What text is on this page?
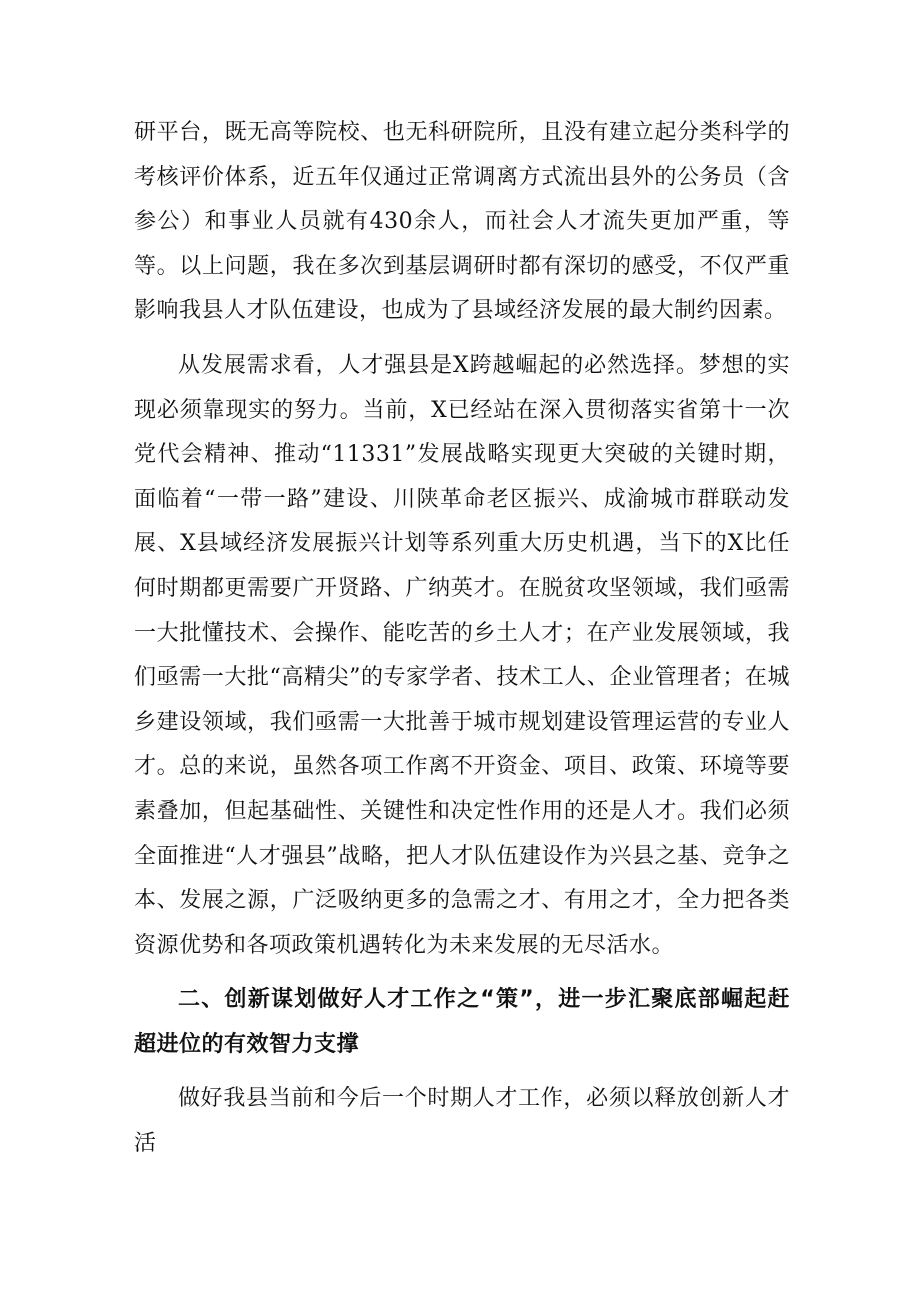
研平台，既无高等院校、也无科研院所，且没有建立起分类科学的考核评价体系，近五年仅通过正常调离方式流出县外的公务员（含参公）和事业人员就有430余人，而社会人才流失更加严重，等等。以上问题，我在多次到基层调研时都有深切的感受，不仅严重影响我县人才队伍建设，也成为了县域经济发展的最大制约因素。

从发展需求看，人才强县是X跨越崛起的必然选择。梦想的实现必须靠现实的努力。当前，X已经站在深入贯彻落实省第十一次党代会精神、推动“11331”发展战略实现更大突破的关键时期，面临着“一带一路”建设、川陕革命老区振兴、成渝城市群联动发展、X县域经济发展振兴计划等系列重大历史机遇，当下的X比任何时期都更需要广开贤路、广纳英才。在脱贫攻坚领域，我们亟需一大批懂技术、会操作、能吃苦的乡土人才；在产业发展领域，我们亟需一大批“高精尖”的专家学者、技术工人、企业管理者；在城乡建设领域，我们亟需一大批善于城市规划建设管理运营的专业人才。总的来说，虽然各项工作离不开资金、项目、政策、环境等要素叠加，但起基础性、关键性和决定性作用的还是人才。我们必须全面推进“人才强县”战略，把人才队伍建设作为兴县之基、竞争之本、发展之源，广泛吸纳更多的急需之才、有用之才，全力把各类资源优势和各项政策机遇转化为未来发展的无尽活水。

二、创新谋划做好人才工作之“策”，进一步汇聚底部崛起赶超进位的有效智力支撑

做好我县当前和今后一个时期人才工作，必须以释放创新人才活
